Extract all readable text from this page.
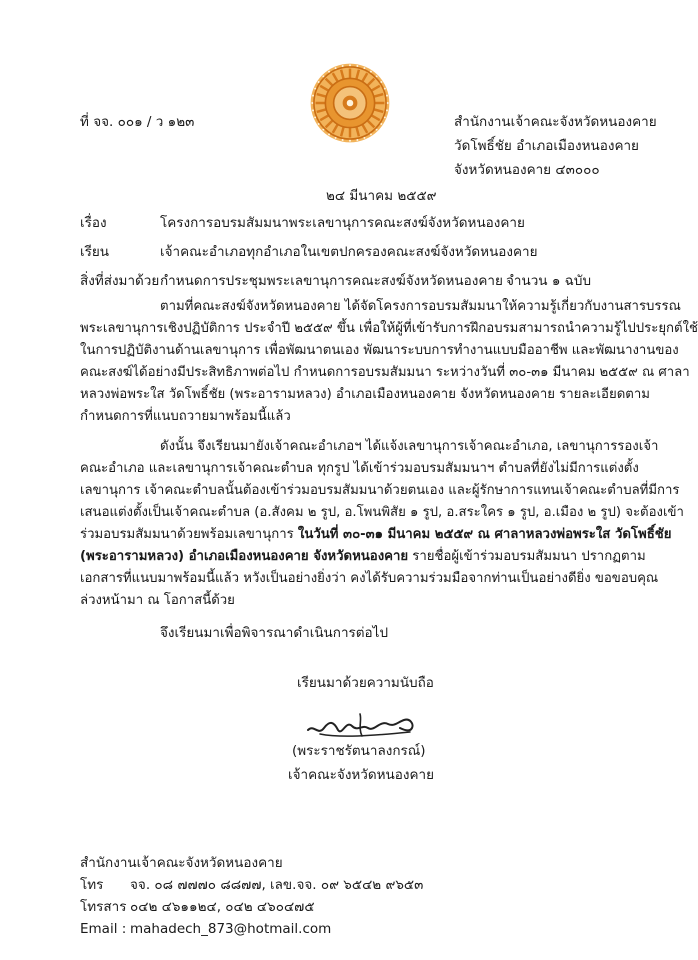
ที่ จจ. ๐๐๑ / ว ๑๒๓	สำนักงานเจ้าคณะจังหวัดหนองคาย
วัดโพธิ์ชัย อำเภอเมืองหนองคาย
จังหวัดหนองคาย ๔๓๐๐๐
๒๔ มีนาคม ๒๕๕๙
เรื่อง	โครงการอบรมสัมมนาพระเลขานุการคณะสงฆ์จังหวัดหนองคาย
เรียน	เจ้าคณะอำเภอทุกอำเภอในเขตปกครองคณะสงฆ์จังหวัดหนองคาย
สิ่งที่ส่งมาด้วย กำหนดการประชุมพระเลขานุการคณะสงฆ์จังหวัดหนองคาย จำนวน ๑ ฉบับ
ตามที่คณะสงฆ์จังหวัดหนองคาย ได้จัดโครงการอบรมสัมมนาให้ความรู้เกี่ยวกับงานสารบรรณ
พระเลขานุการเชิงปฏิบัติการ ประจำปี ๒๕๕๙ ขึ้น เพื่อให้ผู้ที่เข้ารับการฝึกอบรมสามารถนำความรู้ไปประยุกต์ใช้
ในการปฏิบัติงานด้านเลขานุการ เพื่อพัฒนาตนเอง พัฒนาระบบการทำงานแบบมืออาชีพ และพัฒนางานของ
คณะสงฆ์ได้อย่างมีประสิทธิภาพต่อไป กำหนดการอบรมสัมมนา ระหว่างวันที่ ๓๐-๓๑ มีนาคม ๒๕๕๙ ณ ศาลา
หลวงพ่อพระใส วัดโพธิ์ชัย (พระอารามหลวง) อำเภอเมืองหนองคาย จังหวัดหนองคาย รายละเอียดตาม
กำหนดการที่แนบถวายมาพร้อมนี้แล้ว
ดังนั้น จึงเรียนมายังเจ้าคณะอำเภอฯ ได้แจ้งเลขานุการเจ้าคณะอำเภอ, เลขานุการรองเจ้า
คณะอำเภอ และเลขานุการเจ้าคณะตำบล ทุกรูป ได้เข้าร่วมอบรมสัมมนาฯ ตำบลที่ยังไม่มีการแต่งตั้ง
เลขานุการ เจ้าคณะตำบลนั้นต้องเข้าร่วมอบรมสัมมนาด้วยตนเอง และผู้รักษาการแทนเจ้าคณะตำบลที่มีการ
เสนอแต่งตั้งเป็นเจ้าคณะตำบล (อ.สังคม ๒ รูป, อ.โพนพิสัย ๑ รูป, อ.สระใคร ๑ รูป, อ.เมือง ๒ รูป) จะต้องเข้า
ร่วมอบรมสัมมนาด้วยพร้อมเลขานุการ ในวันที่ ๓๐-๓๑ มีนาคม ๒๕๕๙ ณ ศาลาหลวงพ่อพระใส วัดโพธิ์ชัย
(พระอารามหลวง) อำเภอเมืองหนองคาย จังหวัดหนองคาย รายชื่อผู้เข้าร่วมอบรมสัมมนา ปรากฏตาม
เอกสารที่แนบมาพร้อมนี้แล้ว หวังเป็นอย่างยิ่งว่า คงได้รับความร่วมมือจากท่านเป็นอย่างดียิ่ง ขอขอบคุณ
ล่วงหน้ามา ณ โอกาสนี้ด้วย
จึงเรียนมาเพื่อพิจารณาดำเนินการต่อไป
เรียนมาด้วยความนับถือ
(พระราชรัตนาลงกรณ์)
เจ้าคณะจังหวัดหนองคาย
สำนักงานเจ้าคณะจังหวัดหนองคาย
โทร จจ. ๐๘ ๗๗๗๐ ๘๘๗๗, เลข.จจ. ๐๙ ๖๕๔๒ ๙๖๕๓
โทรสาร ๐๔๒ ๔๖๑๑๒๔, ๐๔๒ ๔๖๐๔๗๕
Email : mahadech_873@hotmail.com
